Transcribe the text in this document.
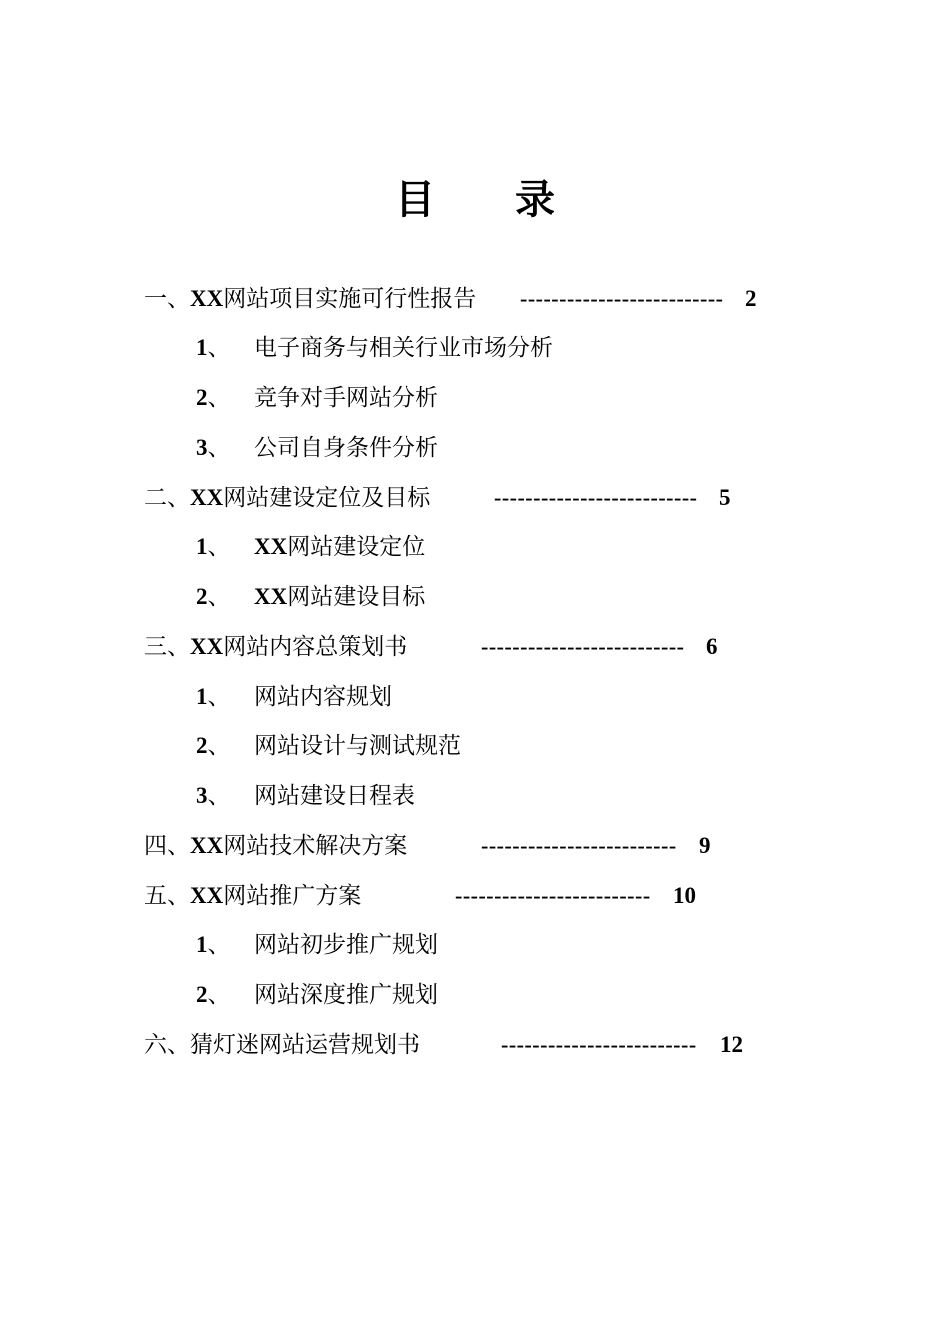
目 录
一、XX网站项目实施可行性报告 -------------------------- 2
1、 电子商务与相关行业市场分析
2、 竞争对手网站分析
3、 公司自身条件分析
二、XX网站建设定位及目标	-------------------------- 5
1、 XX网站建设定位
2、 XX网站建设目标
三、XX网站内容总策划书	-------------------------- 6
1、 网站内容规划
2、 网站设计与测试规范
3、 网站建设日程表
四、XX网站技术解决方案	------------------------- 9
五、XX网站推广方案	------------------------- 10
1、 网站初步推广规划
2、 网站深度推广规划
六、猜灯迷网站运营规划书	------------------------- 12
